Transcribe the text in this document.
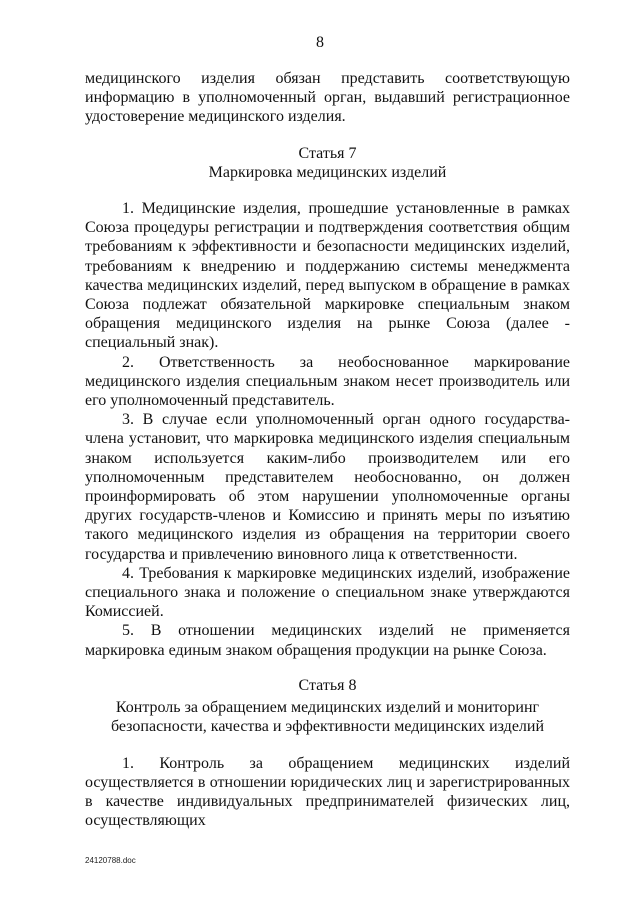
8

медицинского изделия обязан представить соответствующую информацию в уполномоченный орган, выдавший регистрационное удостоверение медицинского изделия.

Статья 7
Маркировка медицинских изделий

1. Медицинские изделия, прошедшие установленные в рамках Союза процедуры регистрации и подтверждения соответствия общим требованиям к эффективности и безопасности медицинских изделий, требованиям к внедрению и поддержанию системы менеджмента качества медицинских изделий, перед выпуском в обращение в рамках Союза подлежат обязательной маркировке специальным знаком обращения медицинского изделия на рынке Союза (далее - специальный знак).

2. Ответственность за необоснованное маркирование медицинского изделия специальным знаком несет производитель или его уполномоченный представитель.

3. В случае если уполномоченный орган одного государства-члена установит, что маркировка медицинского изделия специальным знаком используется каким-либо производителем или его уполномоченным представителем необоснованно, он должен проинформировать об этом нарушении уполномоченные органы других государств-членов и Комиссию и принять меры по изъятию такого медицинского изделия из обращения на территории своего государства и привлечению виновного лица к ответственности.

4. Требования к маркировке медицинских изделий, изображение специального знака и положение о специальном знаке утверждаются Комиссией.

5. В отношении медицинских изделий не применяется маркировка единым знаком обращения продукции на рынке Союза.

Статья 8
Контроль за обращением медицинских изделий и мониторинг
безопасности, качества и эффективности медицинских изделий

1. Контроль за обращением медицинских изделий осуществляется в отношении юридических лиц и зарегистрированных в качестве индивидуальных предпринимателей физических лиц, осуществляющих

24120788.doc
